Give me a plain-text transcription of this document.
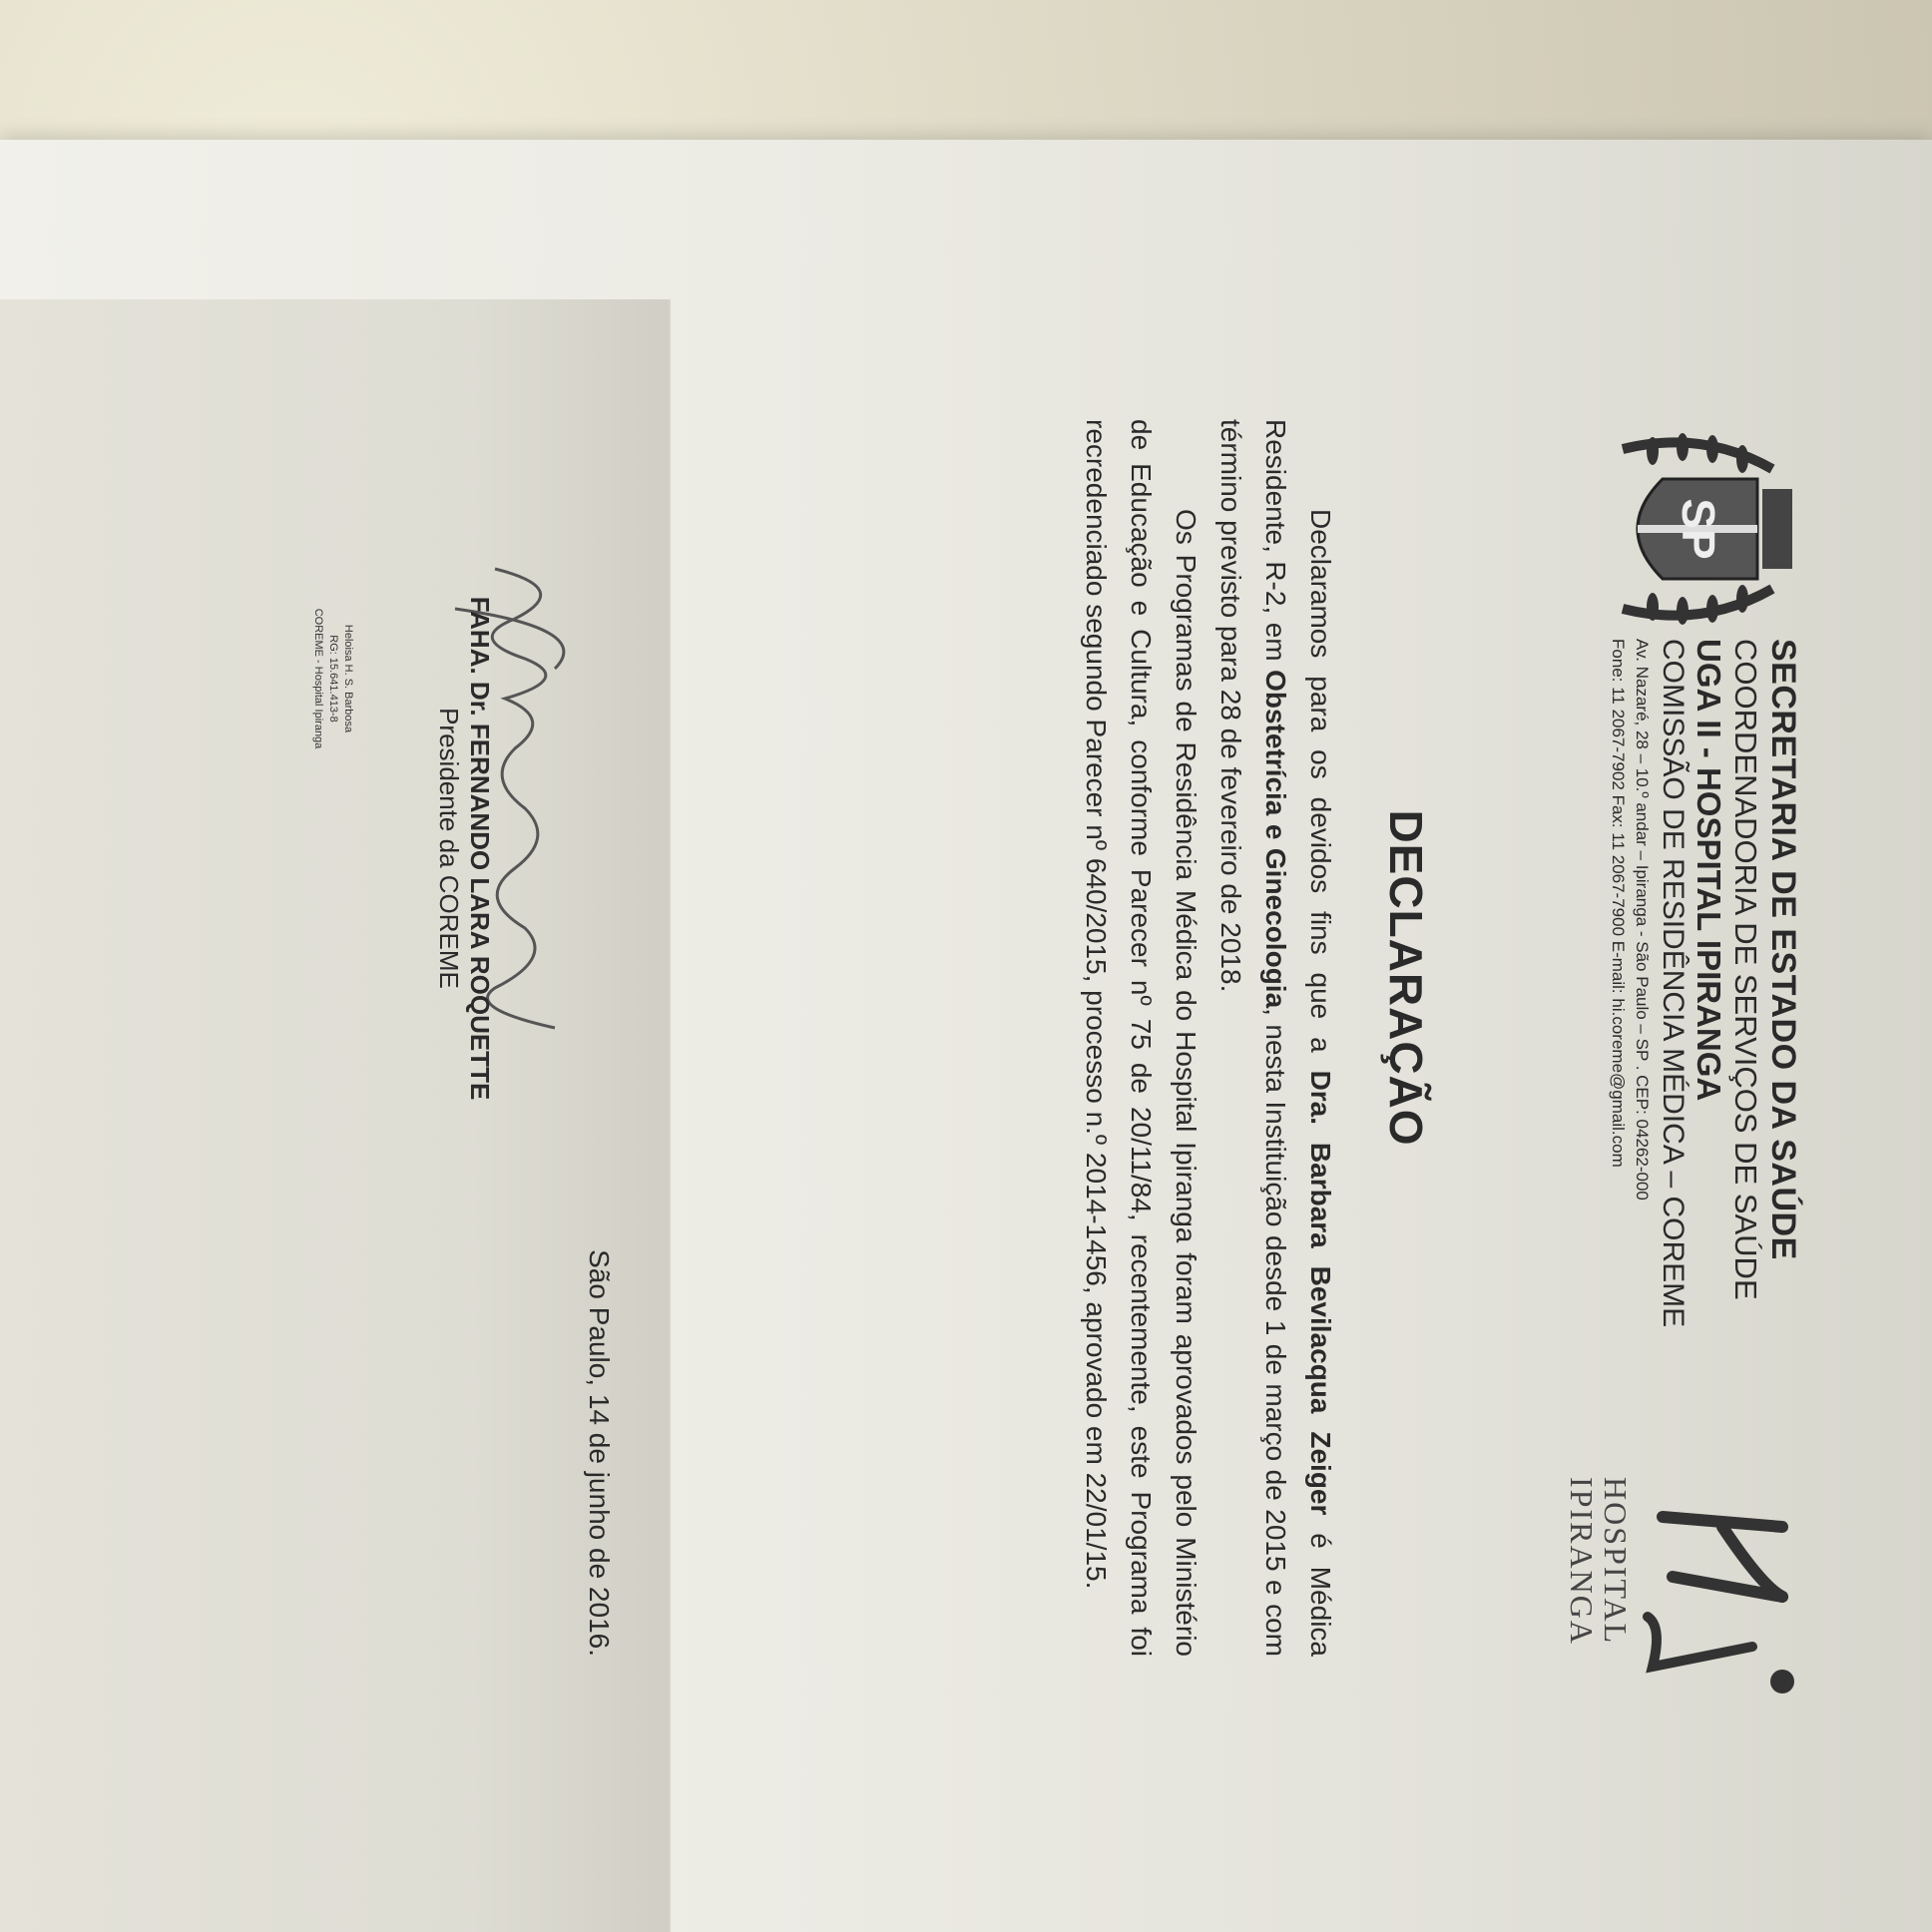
SP

SECRETARIA DE ESTADO DA SAÚDE

COORDENADORIA DE SERVIÇOS DE SAÚDE

UGA II - HOSPITAL IPIRANGA

COMISSÃO DE RESIDÊNCIA MÉDICA – COREME

Av. Nazaré, 28 – 10.º andar – Ipiranga - São Paulo – SP . CEP: 04262-000

Fone: 11 2067-7902 Fax: 11 2067-7900 E-mail: hi.coreme@gmail.com

HOSPITAL
IPIRANGA
DECLARAÇÃO

Declaramos para os devidos fins que a Dra. Barbara Bevilacqua Zeiger é Médica Residente, R-2, em Obstetrícia e Ginecologia, nesta Instituição desde 1 de março de 2015 e com término previsto para 28 de fevereiro de 2018.

Os Programas de Residência Médica do Hospital Ipiranga foram aprovados pelo Ministério de Educação e Cultura, conforme Parecer nº 75 de 20/11/84, recentemente, este Programa foi recredenciado segundo Parecer nº 640/2015, processo n.º 2014-1456, aprovado em 22/01/15.

São Paulo, 14 de junho de 2016.

FAHA. Dr. FERNANDO LARA ROQUETTE

Presidente da COREME

Heloisa H. S. Barbosa
RG: 15.641.413-8
COREME - Hospital Ipiranga
